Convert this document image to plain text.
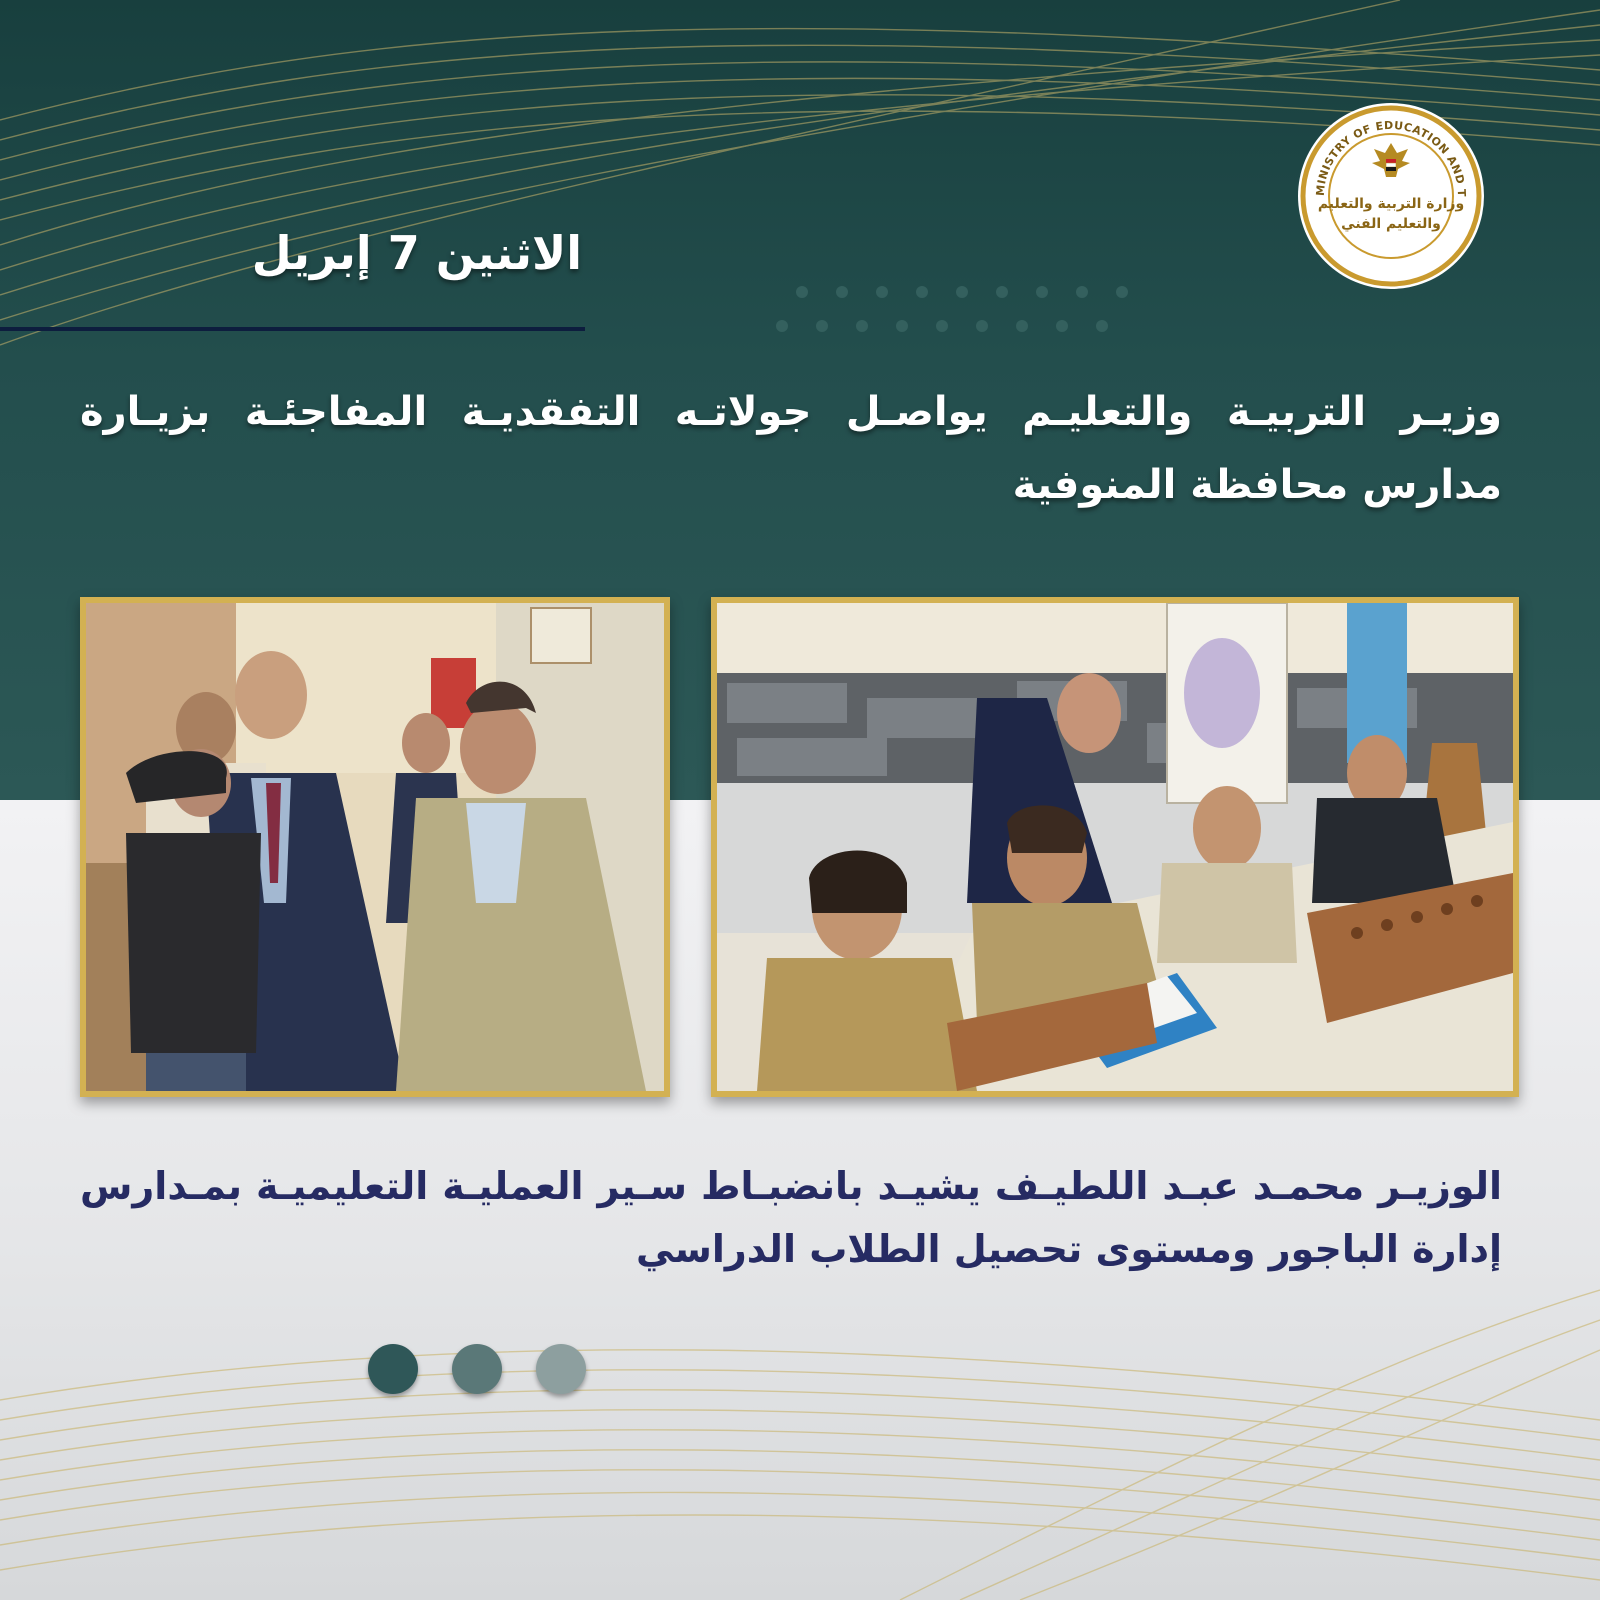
MINISTRY OF EDUCATION AND T
وزارة التربية والتعليم
والتعليم الفني
الاثنين 7 إبريل
وزيـر التربيـة والتعليـم يواصـل جولاتـه التفقديـة المفاجئـة بزيـارة مدارس محافظة المنوفية
الوزيـر محمـد عبـد اللطيـف يشيـد بانضبـاط سـير العمليـة التعليميـة بمـدارس إدارة الباجور ومستوى تحصيل الطلاب الدراسي
